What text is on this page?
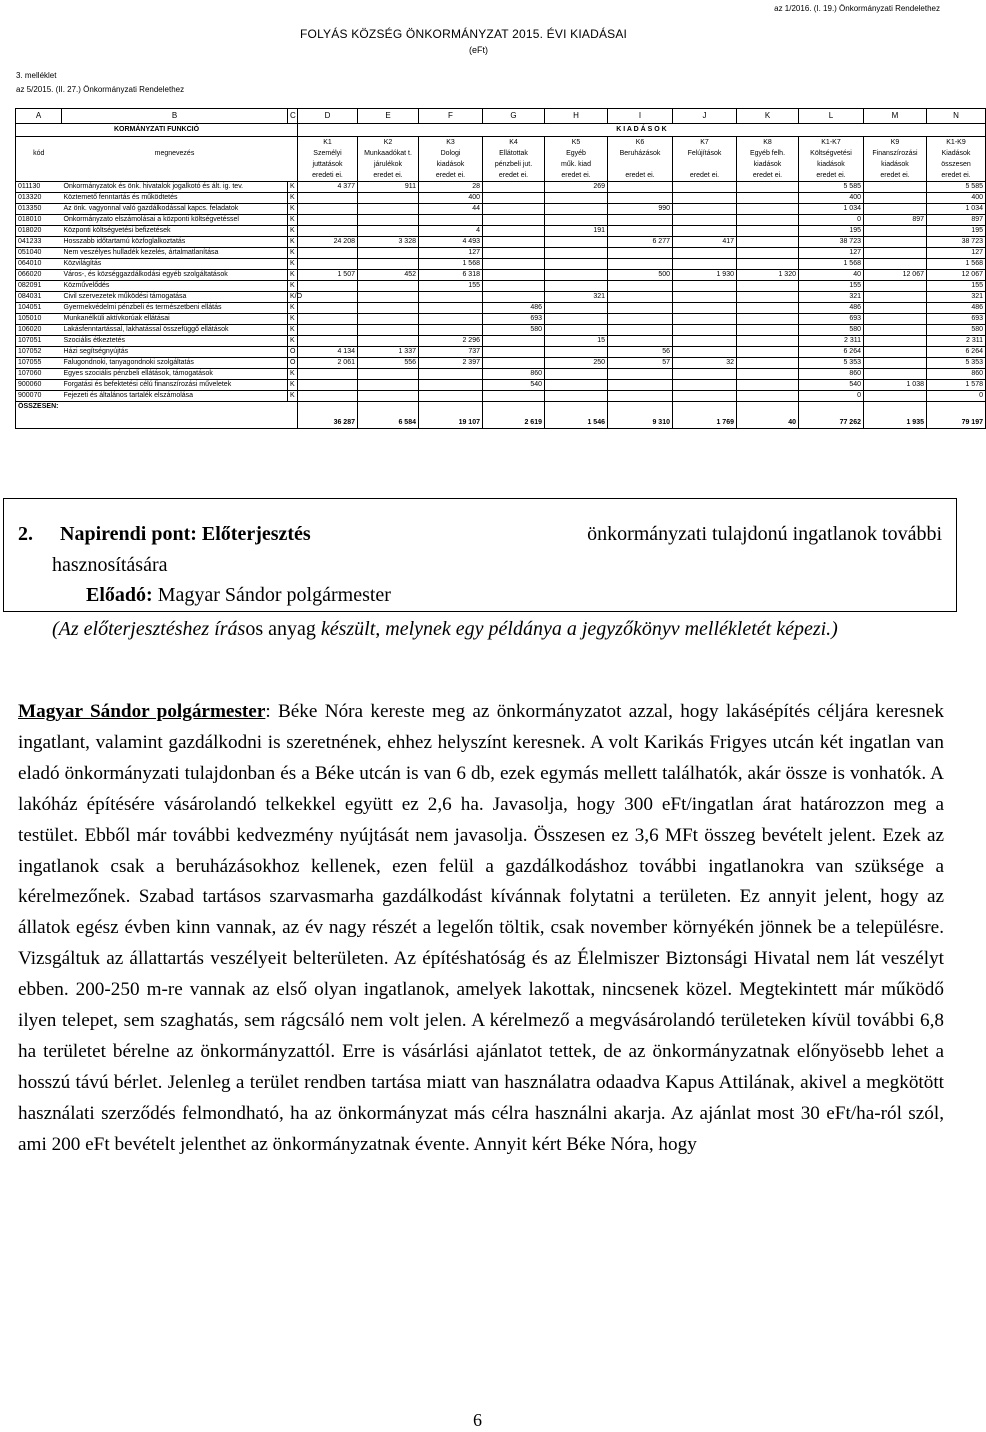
az 1/2016. (I. 19.) Önkormányzati Rendelethez
FOLYÁS KÖZSÉG ÖNKORMÁNYZAT 2015. ÉVI KIADÁSAI
(eFt)
3. melléklet
az 5/2015. (II. 27.) Önkormányzati Rendelethez
A	B	C	D	E	F	G	H	I	J	K	L	M	N
KORMÁNYZATI FUNKCIÓ			K I A D Á S O K										
			K1	K2	K3	K4	K5	K6	K7	K8	K1-K7	K9	K1-K9
kód	megnevezés		Személyi	Munkaadókat t.	Dologi	Ellátottak	Egyéb	Beruházások	Felújítások	Egyéb felh.	Költségvetési	Finanszírozási	Kiadások
			juttatások	járulékok	kiadások	pénzbeli jut.	műk. kiad			kiadások	kiadások	kiadások	összesen
			eredeti ei.	eredet ei.	eredet ei.	eredet ei.	eredet ei.	eredet ei.	eredet ei.	eredet ei.	eredet ei.	eredet ei.	eredet ei.
011130	Önkormányzatok és önk. hivatalok jogalkotó és ált. ig. tev.	K	4 377	911	28		269				5 585		5 585
013320	Köztemető fenntartás és működtetés	K			400						400		400
013350	Az önk. vagyonnal való gazdálkodással kapcs. feladatok	K			44			990			1 034		1 034
018010	Önkormányzato elszámolásai a központi költségvetéssel	K									0	897	897
018020	Központi költségvetési befizetések	K			4		191				195		195
041233	Hosszabb időtartamú közfoglalkoztatás	K	24 208	3 328	4 493			6 277	417		38 723		38 723
051040	Nem veszélyes hulladék kezelés, ártalmatlanítása	K			127						127		127
064010	Közvilágítás	K			1 568						1 568		1 568
066020	Város-, és községgazdálkodási egyéb szolgáltatások	K	1 507	452	6 318			500	1 930	1 320	40	12 067	12 067
082091	Közművelődés	K			155						155		155
084031	Civil szervezetek működési támogatása	K/Ö					321				321		321
104051	Gyermekvédelmi pénzbeli és természetbeni ellátás	K				486					486		486
105010	Munkanélküli aktívkorúak ellátásai	K				693					693		693
106020	Lakásfenntartással, lakhatással összefüggő ellátások	K				580					580		580
107051	Szociális étkeztetés	K			2 296		15				2 311		2 311
107052	Házi segítségnyújtás	Ö	4 134	1 337	737			56			6 264		6 264
107055	Falugondnoki, tanyagondnoki szolgáltatás	Ö	2 061	556	2 397		250	57	32		5 353		5 353
107060	Egyes szociális pénzbeli ellátások, támogatások	K				860					860		860
900060	Forgatási és befektetési célú finanszírozási műveletek	K				540					540	1 038	1 578
900070	Fejezeti és általános tartalék elszámolása	K									0		0
ÖSSZESEN:			36 287	6 584	19 107	2 619	1 546	9 310	1 769	40	77 262	1 935	79 197
2. Napirendi pont: Előterjesztés	önkormányzati tulajdonú ingatlanok további
hasznosítására
Előadó: Magyar Sándor polgármester
(Az előterjesztéshez írásos anyag készült, melynek egy példánya a jegyzőkönyv mellékletét képezi.)
Magyar Sándor polgármester: Béke Nóra kereste meg az önkormányzatot azzal, hogy lakásépítés céljára keresnek ingatlant, valamint gazdálkodni is szeretnének, ehhez helyszínt keresnek. A volt Karikás Frigyes utcán két ingatlan van eladó önkormányzati tulajdonban és a Béke utcán is van 6 db, ezek egymás mellett találhatók, akár össze is vonhatók. A lakóház építésére vásárolandó telkekkel együtt ez 2,6 ha. Javasolja, hogy 300 eFt/ingatlan árat határozzon meg a testület. Ebből már további kedvezmény nyújtását nem javasolja. Összesen ez 3,6 MFt összeg bevételt jelent. Ezek az ingatlanok csak a beruházásokhoz kellenek, ezen felül a gazdálkodáshoz további ingatlanokra van szüksége a kérelmezőnek. Szabad tartásos szarvasmarha gazdálkodást kívánnak folytatni a területen. Ez annyit jelent, hogy az állatok egész évben kinn vannak, az év nagy részét a legelőn töltik, csak november környékén jönnek be a településre. Vizsgáltuk az állattartás veszélyeit belterületen. Az építéshatóság és az Élelmiszer Biztonsági Hivatal nem lát veszélyt ebben. 200-250 m-re vannak az első olyan ingatlanok, amelyek lakottak, nincsenek közel. Megtekintett már működő ilyen telepet, sem szaghatás, sem rágcsáló nem volt jelen. A kérelmező a megvásárolandó területeken kívül további 6,8 ha területet bérelne az önkormányzattól. Erre is vásárlási ajánlatot tettek, de az önkormányzatnak előnyösebb lehet a hosszú távú bérlet. Jelenleg a terület rendben tartása miatt van használatra odaadva Kapus Attilának, akivel a megkötött használati szerződés felmondható, ha az önkormányzat más célra használni akarja. Az ajánlat most 30 eFt/ha-ról szól, ami 200 eFt bevételt jelenthet az önkormányzatnak évente. Annyit kért Béke Nóra, hogy
6
